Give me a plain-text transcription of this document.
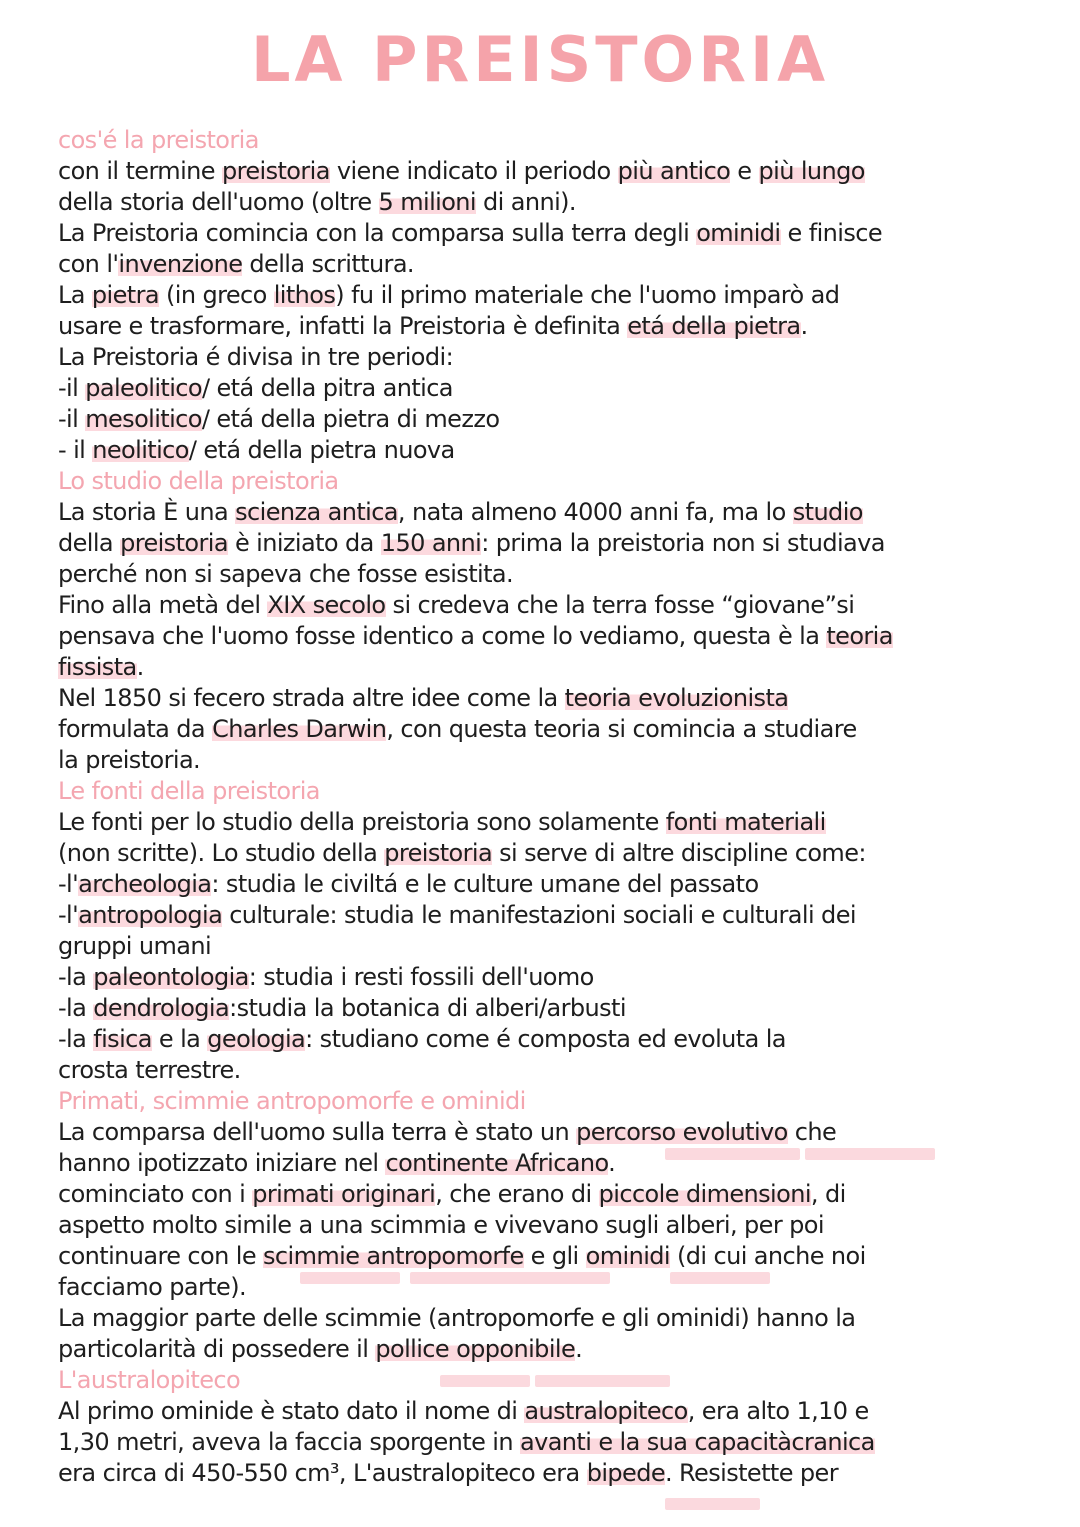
LA PREISTORIA
cos'é la preistoria
con il termine preistoria viene indicato il periodo più antico e più lungo
della storia dell'uomo (oltre 5 milioni di anni).
La Preistoria comincia con la comparsa sulla terra degli ominidi e finisce
con l'invenzione della scrittura.
La pietra (in greco lithos) fu il primo materiale che l'uomo imparò ad
usare e trasformare, infatti la Preistoria è definita etá della pietra.
La Preistoria é divisa in tre periodi:
-il paleolitico/ etá della pitra antica
-il mesolitico/ etá della pietra di mezzo
- il neolitico/ etá della pietra nuova
Lo studio della preistoria
La storia È una scienza antica, nata almeno 4000 anni fa, ma lo studio
della preistoria è iniziato da 150 anni: prima la preistoria non si studiava
perché non si sapeva che fosse esistita.
Fino alla metà del XIX secolo si credeva che la terra fosse “giovane”si
pensava che l'uomo fosse identico a come lo vediamo, questa è la teoria
fissista.
Nel 1850 si fecero strada altre idee come la teoria evoluzionista
formulata da Charles Darwin, con questa teoria si comincia a studiare
la preistoria.
Le fonti della preistoria
Le fonti per lo studio della preistoria sono solamente fonti materiali
(non scritte). Lo studio della preistoria si serve di altre discipline come:
-l'archeologia: studia le civiltá e le culture umane del passato
-l'antropologia culturale: studia le manifestazioni sociali e culturali dei
gruppi umani
-la paleontologia: studia i resti fossili dell'uomo
-la dendrologia:studia la botanica di alberi/arbusti
-la fisica e la geologia: studiano come é composta ed evoluta la
crosta terrestre.
Primati, scimmie antropomorfe e ominidi
La comparsa dell'uomo sulla terra è stato un percorso evolutivo che
hanno ipotizzato iniziare nel continente Africano.
cominciato con i primati originari, che erano di piccole dimensioni, di
aspetto molto simile a una scimmia e vivevano sugli alberi, per poi
continuare con le scimmie antropomorfe e gli ominidi (di cui anche noi
facciamo parte).
La maggior parte delle scimmie (antropomorfe e gli ominidi) hanno la
particolarità di possedere il pollice opponibile.
L'australopiteco
Al primo ominide è stato dato il nome di australopiteco, era alto 1,10 e
1,30 metri, aveva la faccia sporgente in avanti e la sua capacitàcranica
era circa di 450-550 cm³, L'australopiteco era bipede. Resistette per
